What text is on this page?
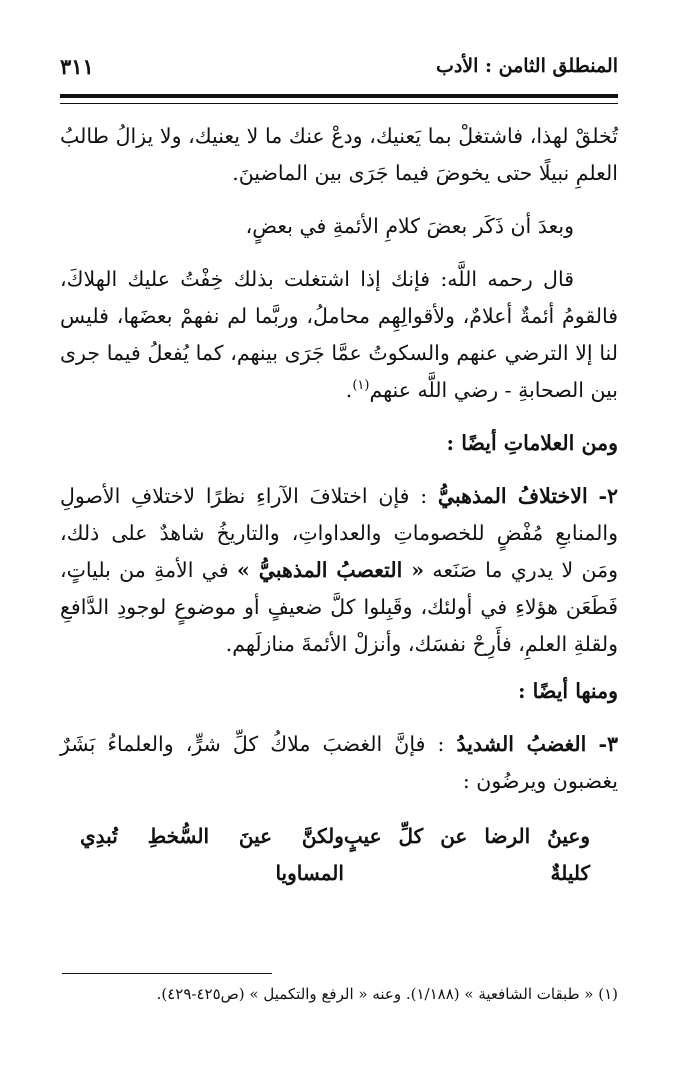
المنطلق الثامن : الأدب
٣١١

تُخلقْ لهذا، فاشتغلْ بما يَعنيك، ودعْ عنك ما لا يعنيك، ولا يزالُ طالبُ العلمِ نبيلًا حتى يخوضَ فيما جَرَى بين الماضينَ.

وبعدَ أن ذَكَر بعضَ كلامِ الأئمةِ في بعضٍ،

قال رحمه اللَّه: فإنك إذا اشتغلت بذلك خِفْتُ عليك الهلاكَ، فالقومُ أئمةٌ أعلامٌ، ولأقوالِهِم محاملُ، وربَّما لم نفهمْ بعضَها، فليس لنا إلا الترضي عنهم والسكوتُ عمَّا جَرَى بينهم، كما يُفعلُ فيما جرى بين الصحابةِ - رضي اللَّه عنهم$^{(١)}$.

ومن العلاماتِ أيضًا :

٢- الاختلافُ المذهبيُّ : فإن اختلافَ الآراءِ نظرًا لاختلافِ الأصولِ والمنابعِ مُفْضٍ للخصوماتِ والعداواتِ، والتاريخُ شاهدٌ على ذلك، ومَن لا يدري ما صَنَعه « التعصبُ المذهبيُّ » في الأمةِ من بلياتٍ، فَطَعَن هؤلاءِ في أولئك، وقَبِلوا كلَّ ضعيفٍ أو موضوعٍ لوجودِ الدَّافعِ ولقلةِ العلمِ، فأَرِحْ نفسَك، وأنزلْ الأئمةَ منازلَهم.

ومنها أيضًا :

٣- الغضبُ الشديدُ : فإنَّ الغضبَ ملاكُ كلِّ شرٍّ، والعلماءُ بَشَرٌ يغضبون ويرضُون :

وعينُ الرضا عن كلِّ عيبٍ كليلةٌ
ولكنَّ عينَ السُّخطِ تُبدِي المساويا
(١) « طبقات الشافعية » (١/١٨٨). وعنه « الرفع والتكميل » (ص٤٢٥-٤٢٩).
